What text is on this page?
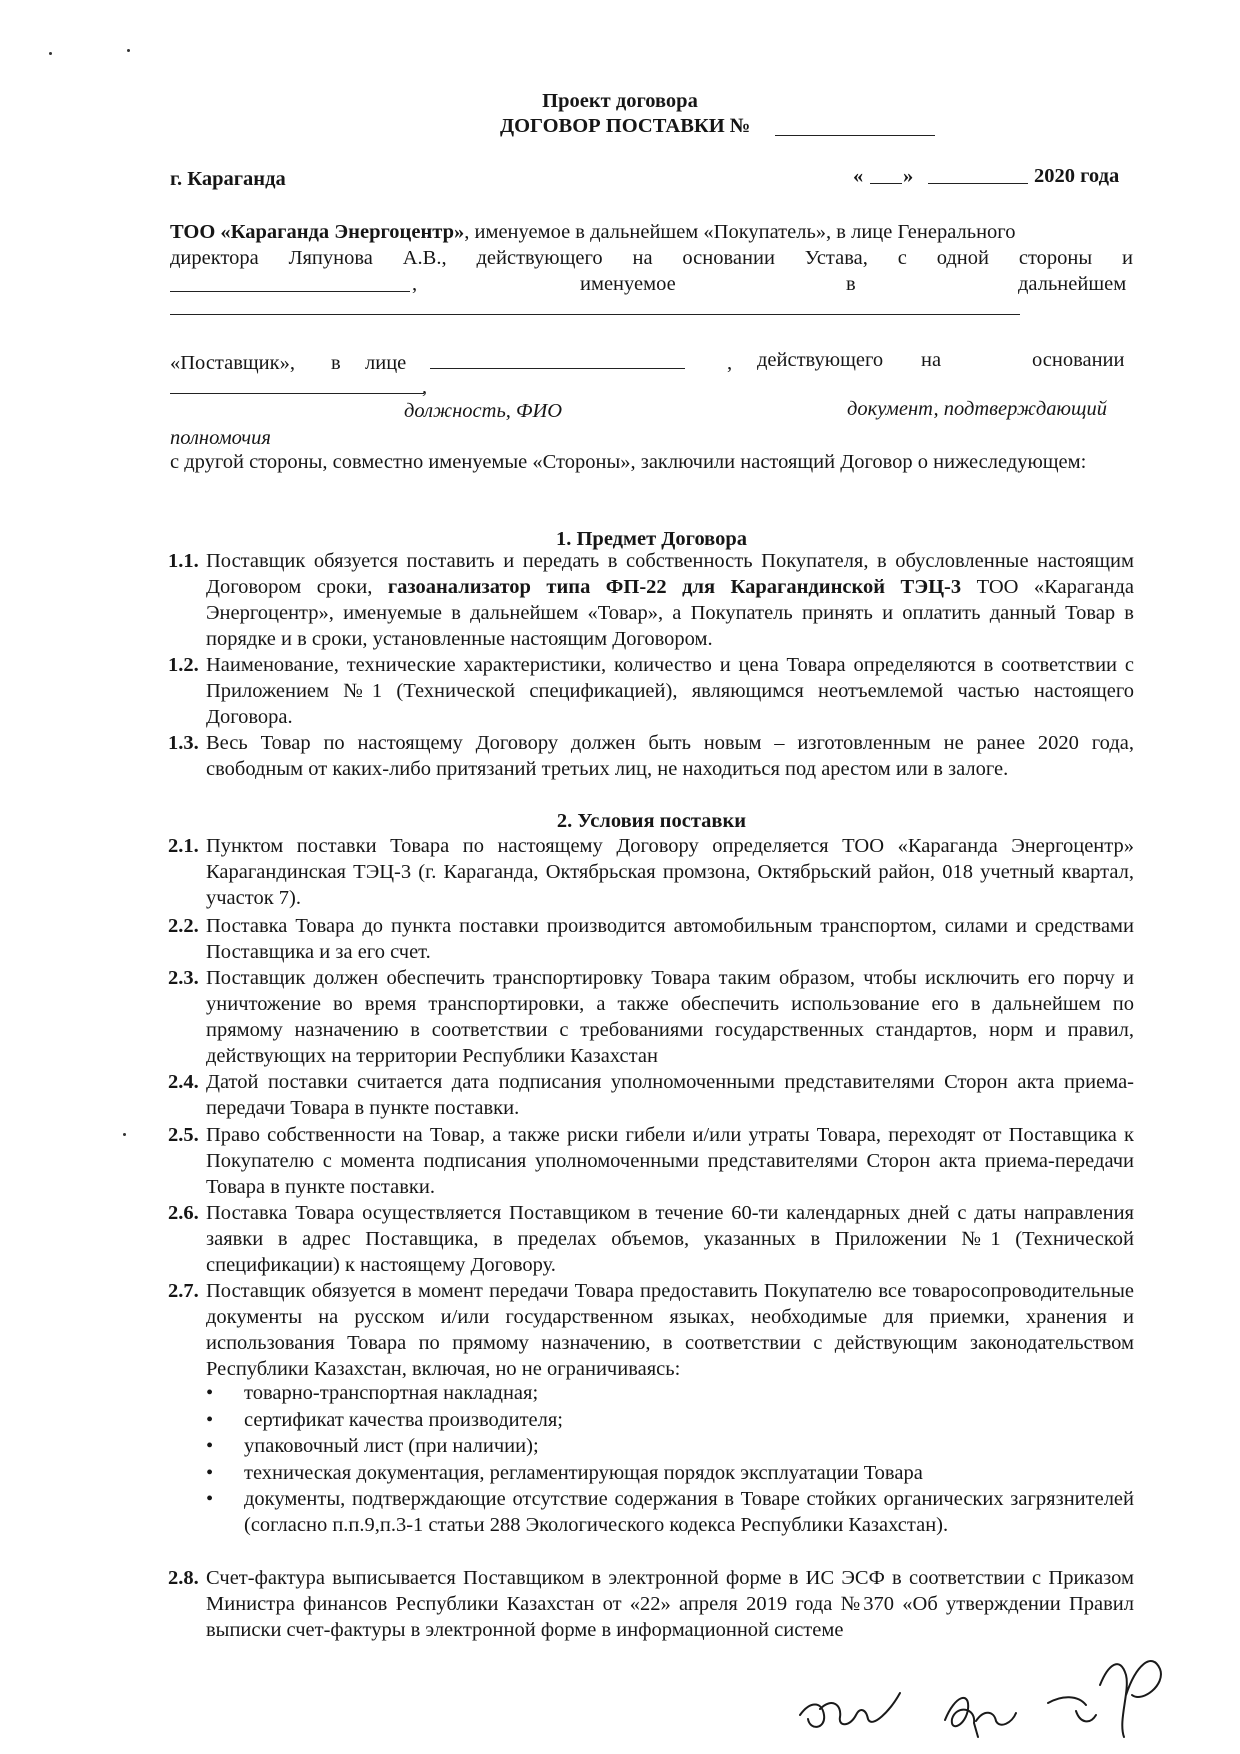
Проект договора
ДОГОВОР ПОСТАВКИ №
г. Караганда	« »	2020 года
ТОО «Караганда Энергоцентр», именуемое в дальнейшем «Покупатель», в лице Генерального
директора Ляпунова А.В., действующего на основании Устава, с одной стороны и
,	именуемое	в	дальнейшем
«Поставщик», в лице	, действующего на	основании
,
должность, ФИО	документ, подтверждающий
полномочия
с другой стороны, совместно именуемые «Стороны», заключили настоящий Договор о нижеследующем:
1. Предмет Договора
1.1. Поставщик обязуется поставить и передать в собственность Покупателя, в обусловленные настоящим Договором сроки, газоанализатор типа ФП-22 для Карагандинской ТЭЦ-3 ТОО «Караганда Энергоцентр», именуемые в дальнейшем «Товар», а Покупатель принять и оплатить данный Товар в порядке и в сроки, установленные настоящим Договором.
1.2. Наименование, технические характеристики, количество и цена Товара определяются в соответствии с Приложением №1 (Технической спецификацией), являющимся неотъемлемой частью настоящего Договора.
1.3. Весь Товар по настоящему Договору должен быть новым – изготовленным не ранее 2020 года, свободным от каких-либо притязаний третьих лиц, не находиться под арестом или в залоге.
2. Условия поставки
2.1. Пунктом поставки Товара по настоящему Договору определяется ТОО «Караганда Энергоцентр» Карагандинская ТЭЦ-3 (г. Караганда, Октябрьская промзона, Октябрьский район, 018 учетный квартал, участок 7).
2.2. Поставка Товара до пункта поставки производится автомобильным транспортом, силами и средствами Поставщика и за его счет.
2.3. Поставщик должен обеспечить транспортировку Товара таким образом, чтобы исключить его порчу и уничтожение во время транспортировки, а также обеспечить использование его в дальнейшем по прямому назначению в соответствии с требованиями государственных стандартов, норм и правил, действующих на территории Республики Казахстан
2.4. Датой поставки считается дата подписания уполномоченными представителями Сторон акта приема-передачи Товара в пункте поставки.
2.5. Право собственности на Товар, а также риски гибели и/или утраты Товара, переходят от Поставщика к Покупателю с момента подписания уполномоченными представителями Сторон акта приема-передачи Товара в пункте поставки.
2.6. Поставка Товара осуществляется Поставщиком в течение 60-ти календарных дней с даты направления заявки в адрес Поставщика, в пределах объемов, указанных в Приложении №1 (Технической спецификации) к настоящему Договору.
2.7. Поставщик обязуется в момент передачи Товара предоставить Покупателю все товаросопроводительные документы на русском и/или государственном языках, необходимые для приемки, хранения и использования Товара по прямому назначению, в соответствии с действующим законодательством Республики Казахстан, включая, но не ограничиваясь:
• товарно-транспортная накладная;
• сертификат качества производителя;
• упаковочный лист (при наличии);
• техническая документация, регламентирующая порядок эксплуатации Товара
• документы, подтверждающие отсутствие содержания в Товаре стойких органических загрязнителей (согласно п.п.9,п.3-1 статьи 288 Экологического кодекса Республики Казахстан).
2.8. Счет-фактура выписывается Поставщиком в электронной форме в ИС ЭСФ в соответствии с Приказом Министра финансов Республики Казахстан от «22» апреля 2019 года №370 «Об утверждении Правил выписки счет-фактуры в электронной форме в информационной системе
